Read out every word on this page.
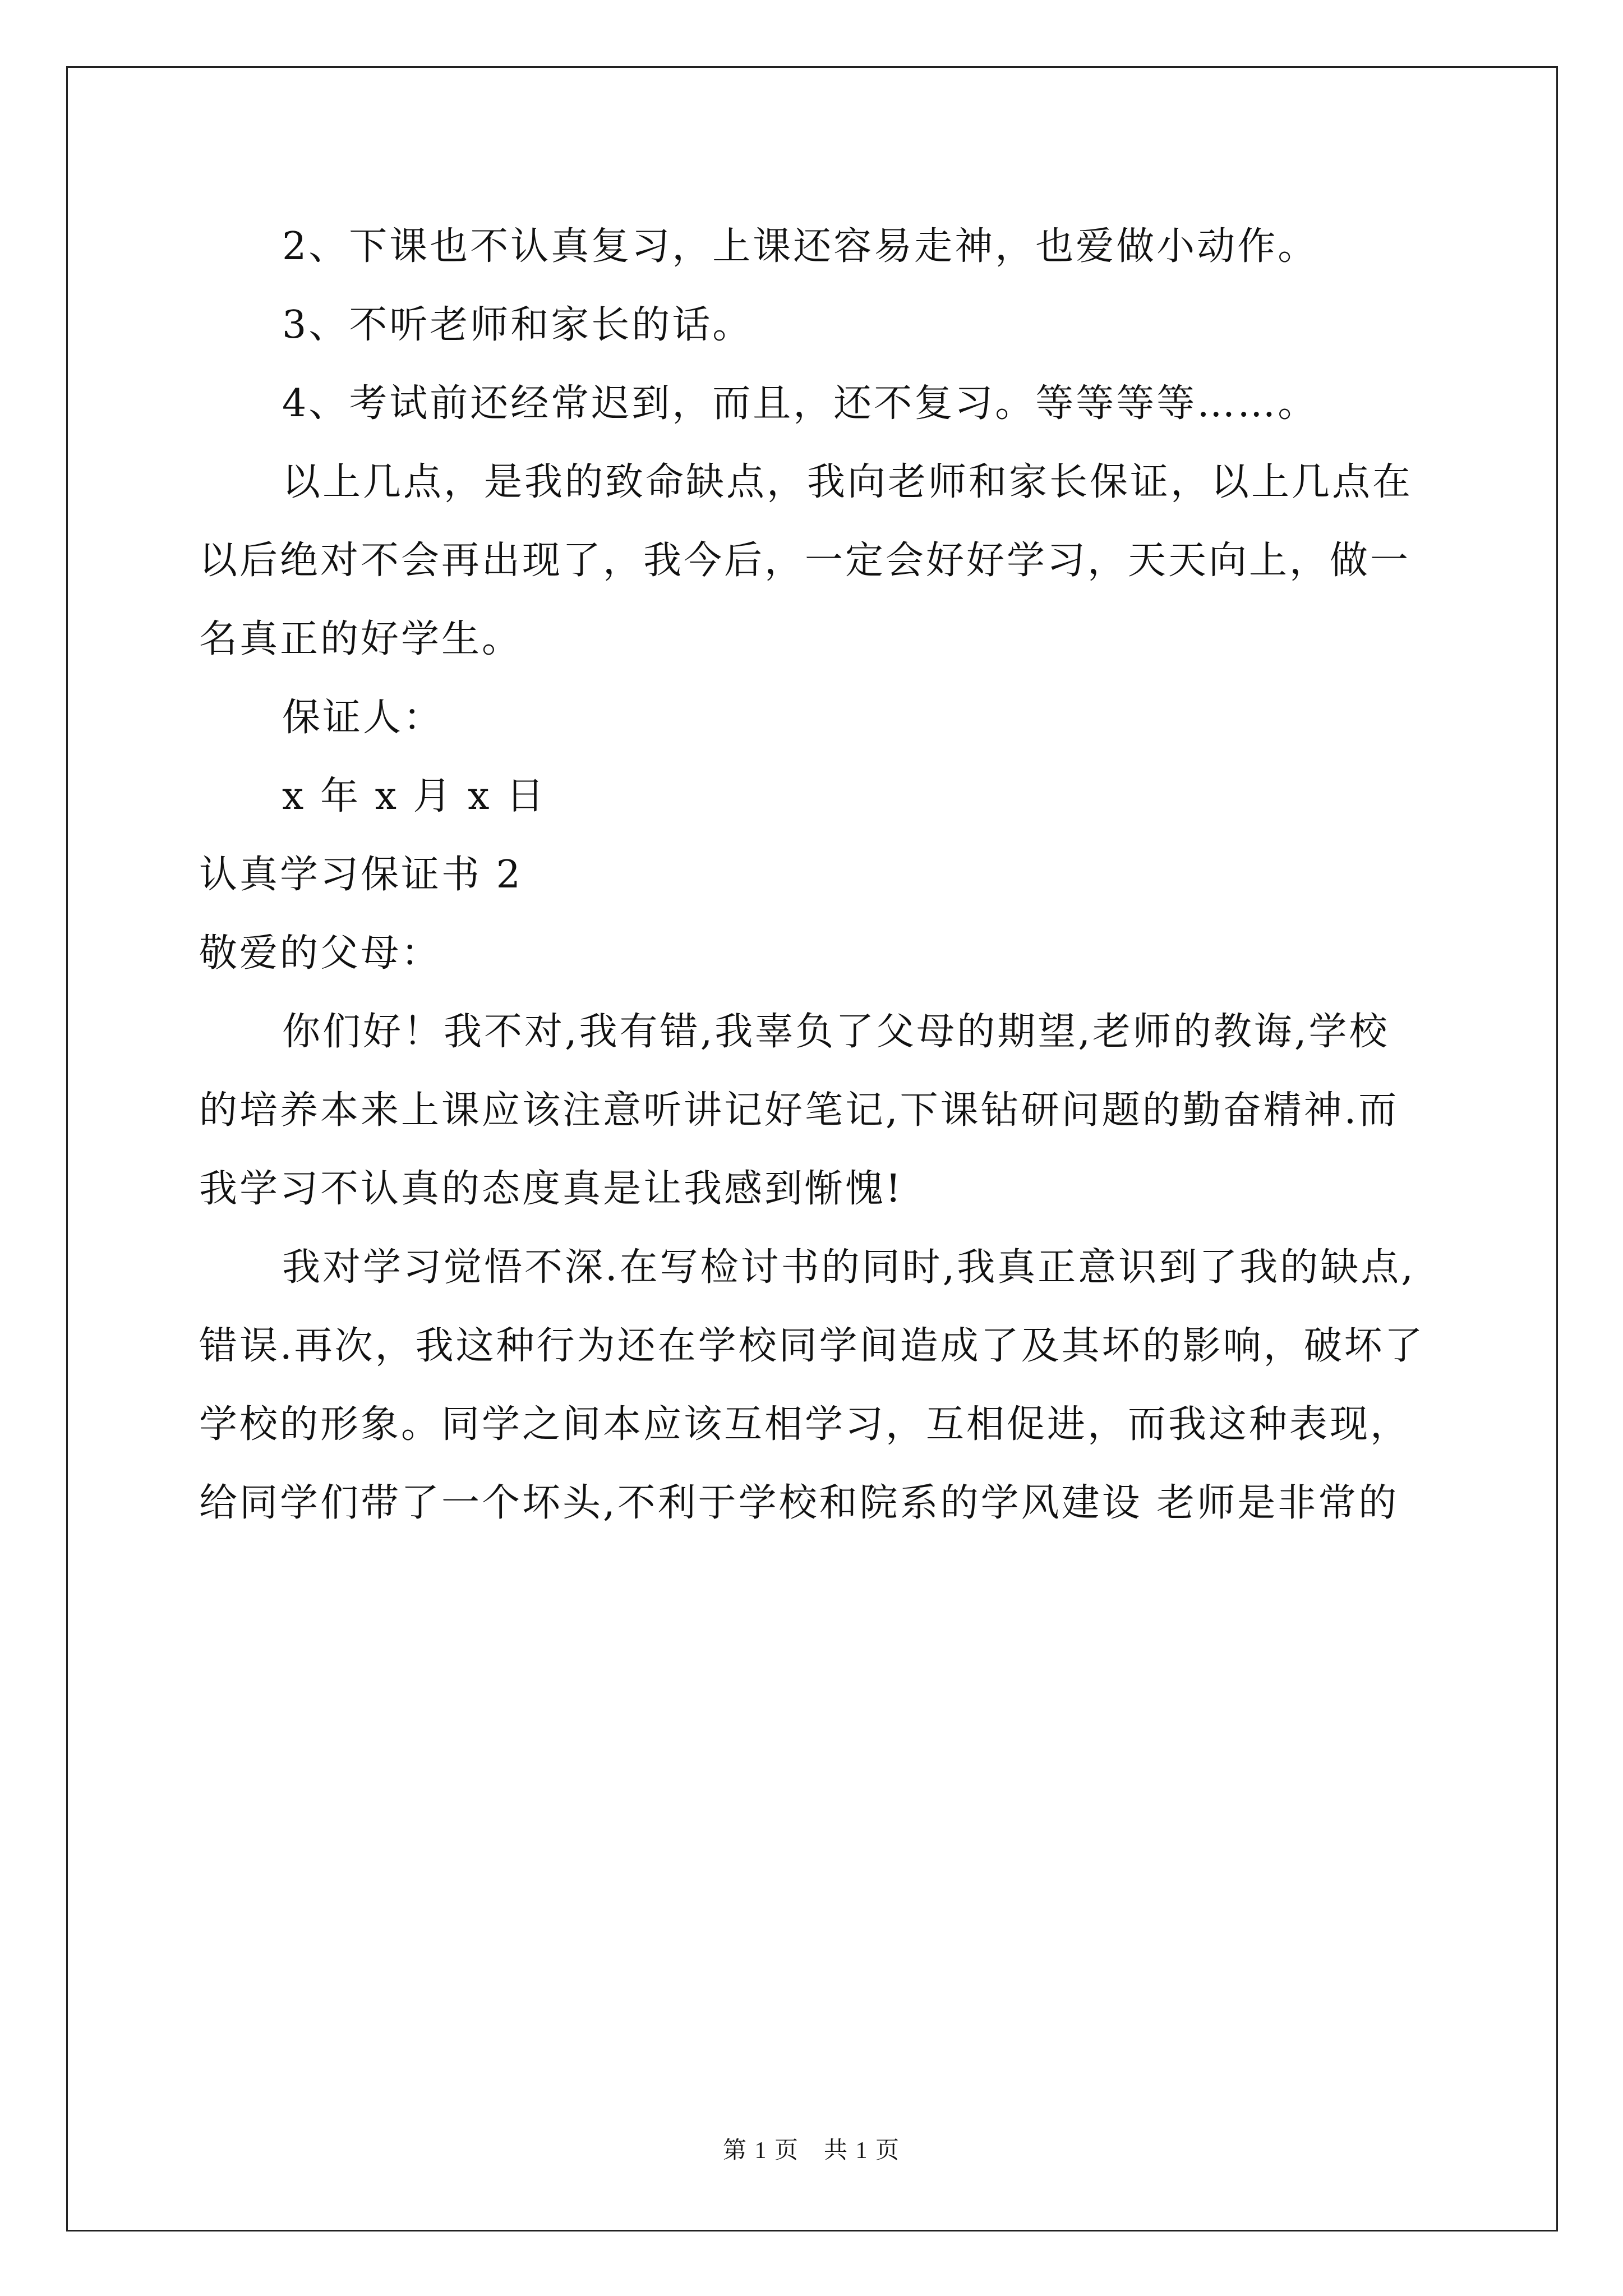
2、下课也不认真复习，上课还容易走神，也爱做小动作。
3、不听老师和家长的话。
4、考试前还经常迟到，而且，还不复习。等等等等……。
以上几点，是我的致命缺点，我向老师和家长保证，以上几点在
以后绝对不会再出现了，我今后，一定会好好学习，天天向上，做一
名真正的好学生。
保证人：
x 年 x 月 x 日
认真学习保证书 2
敬爱的父母：
你们好！我不对,我有错,我辜负了父母的期望,老师的教诲,学校
的培养本来上课应该注意听讲记好笔记,下课钻研问题的勤奋精神.而
我学习不认真的态度真是让我感到惭愧!
我对学习觉悟不深.在写检讨书的同时,我真正意识到了我的缺点,
错误.再次，我这种行为还在学校同学间造成了及其坏的影响，破坏了
学校的形象。同学之间本应该互相学习，互相促进，而我这种表现，
给同学们带了一个坏头,不利于学校和院系的学风建设 老师是非常的
第 1 页　共 1 页
